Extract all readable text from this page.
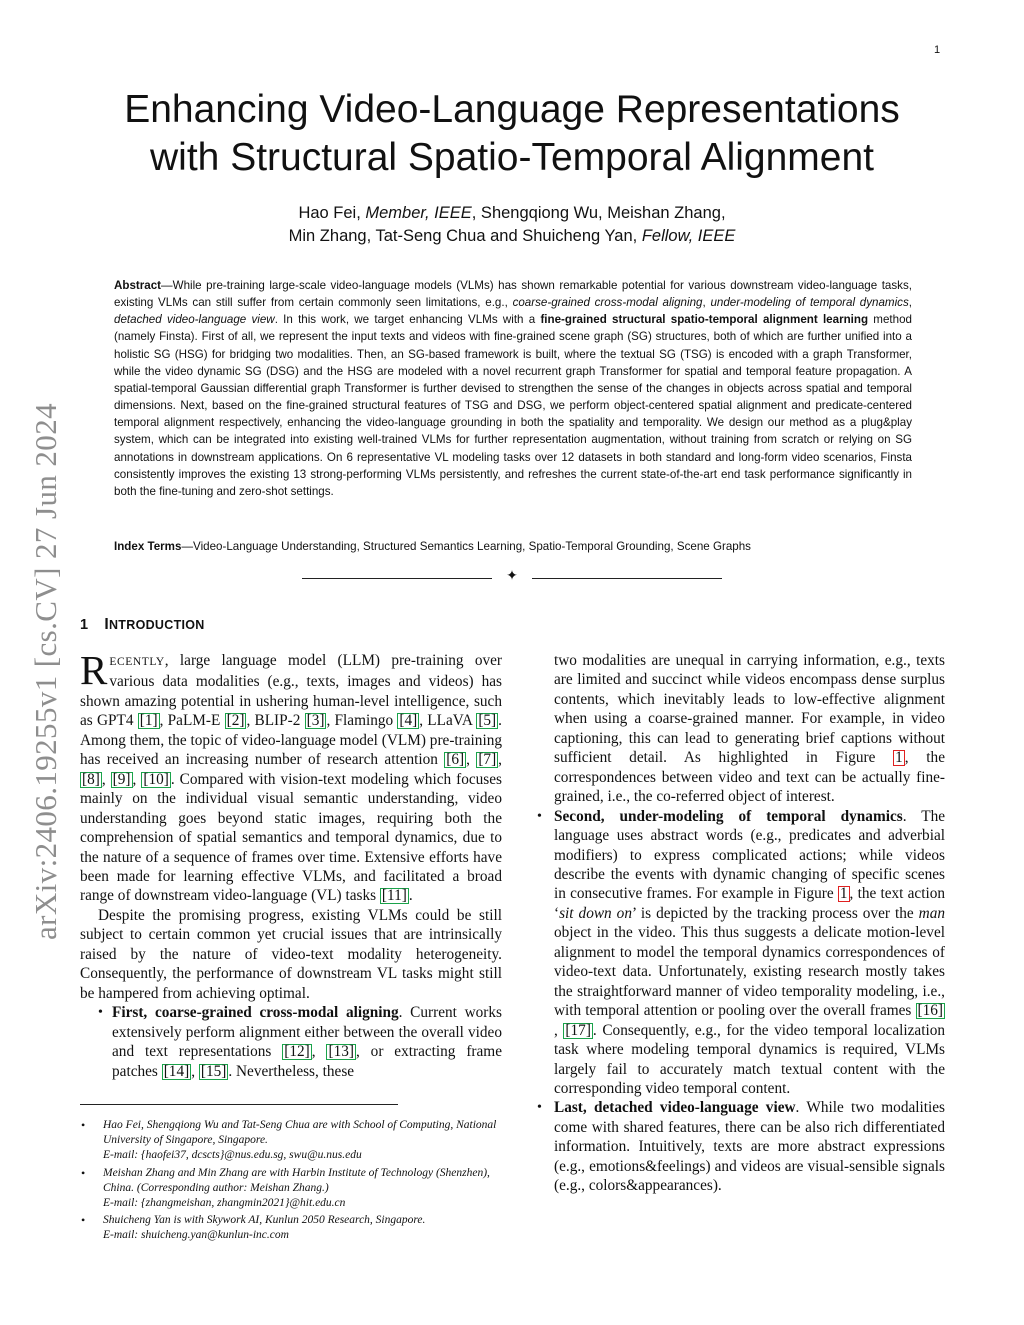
1
arXiv:2406.19255v1 [cs.CV] 27 Jun 2024
Enhancing Video-Language Representations
with Structural Spatio-Temporal Alignment
Hao Fei, Member, IEEE, Shengqiong Wu, Meishan Zhang,
Min Zhang, Tat-Seng Chua and Shuicheng Yan, Fellow, IEEE
Abstract—While pre-training large-scale video-language models (VLMs) has shown remarkable potential for various downstream video-language tasks, existing VLMs can still suffer from certain commonly seen limitations, e.g., coarse-grained cross-modal aligning, under-modeling of temporal dynamics, detached video-language view. In this work, we target enhancing VLMs with a fine-grained structural spatio-temporal alignment learning method (namely Finsta). First of all, we represent the input texts and videos with fine-grained scene graph (SG) structures, both of which are further unified into a holistic SG (HSG) for bridging two modalities. Then, an SG-based framework is built, where the textual SG (TSG) is encoded with a graph Transformer, while the video dynamic SG (DSG) and the HSG are modeled with a novel recurrent graph Transformer for spatial and temporal feature propagation. A spatial-temporal Gaussian differential graph Transformer is further devised to strengthen the sense of the changes in objects across spatial and temporal dimensions. Next, based on the fine-grained structural features of TSG and DSG, we perform object-centered spatial alignment and predicate-centered temporal alignment respectively, enhancing the video-language grounding in both the spatiality and temporality. We design our method as a plug&play system, which can be integrated into existing well-trained VLMs for further representation augmentation, without training from scratch or relying on SG annotations in downstream applications. On 6 representative VL modeling tasks over 12 datasets in both standard and long-form video scenarios, Finsta consistently improves the existing 13 strong-performing VLMs persistently, and refreshes the current state-of-the-art end task performance significantly in both the fine-tuning and zero-shot settings.
Index Terms—Video-Language Understanding, Structured Semantics Learning, Spatio-Temporal Grounding, Scene Graphs
✦
1 INTRODUCTION

RECENTLY, large language model (LLM) pre-training over various data modalities (e.g., texts, images and videos) has shown amazing potential in ushering human-level intelligence, such as GPT4 [1] , PaLM-E [2] , BLIP-2 [3] , Flamingo [4] , LLaVA [5] . Among them, the topic of video-language model (VLM) pre-training has received an increasing number of research attention [6] , [7] , [8] , [9] , [10] . Compared with vision-text modeling which focuses mainly on the individual visual semantic understanding, video understanding goes beyond static images, requiring both the comprehension of spatial semantics and temporal dynamics, due to the nature of a sequence of frames over time. Extensive efforts have been made for learning effective VLMs, and facilitated a broad range of downstream video-language (VL) tasks [11] .

Despite the promising progress, existing VLMs could be still subject to certain common yet crucial issues that are intrinsically raised by the nature of video-text modality heterogeneity. Consequently, the performance of downstream VL tasks might still be hampered from achieving optimal.

• First, coarse-grained cross-modal aligning. Current works extensively perform alignment either between the overall video and text representations [12] , [13] , or extracting frame patches [14] , [15] . Nevertheless, these
• Hao Fei, Shengqiong Wu and Tat-Seng Chua are with School of Computing, National University of Singapore, Singapore.
E-mail: {haofei37, dcscts}@nus.edu.sg, swu@u.nus.edu
• Meishan Zhang and Min Zhang are with Harbin Institute of Technology (Shenzhen), China. (Corresponding author: Meishan Zhang.)
E-mail: {zhangmeishan, zhangmin2021}@hit.edu.cn
• Shuicheng Yan is with Skywork AI, Kunlun 2050 Research, Singapore.
E-mail: shuicheng.yan@kunlun-inc.com

two modalities are unequal in carrying information, e.g., texts are limited and succinct while videos encompass dense surplus contents, which inevitably leads to low-effective alignment when using a coarse-grained manner. For example, in video captioning, this can lead to generating brief captions without sufficient detail. As highlighted in Figure 1 , the correspondences between video and text can be actually fine-grained, i.e., the co-referred object of interest.

• Second, under-modeling of temporal dynamics. The language uses abstract words (e.g., predicates and adverbial modifiers) to express complicated actions; while videos describe the events with dynamic changing of specific scenes in consecutive frames. For example in Figure 1 , the text action ‘sit down on’ is depicted by the tracking process over the man object in the video. This thus suggests a delicate motion-level alignment to model the temporal dynamics correspondences of video-text data. Unfortunately, existing research mostly takes the straightforward manner of video temporality modeling, i.e., with temporal attention or pooling over the overall frames [16], [17] . Consequently, e.g., for the video temporal localization task where modeling temporal dynamics is required, VLMs largely fail to accurately match textual content with the corresponding video temporal content.
• Last, detached video-language view. While two modalities come with shared features, there can be also rich differentiated information. Intuitively, texts are more abstract expressions (e.g., emotions&feelings) and videos are visual-sensible signals (e.g., colors&appearances).
